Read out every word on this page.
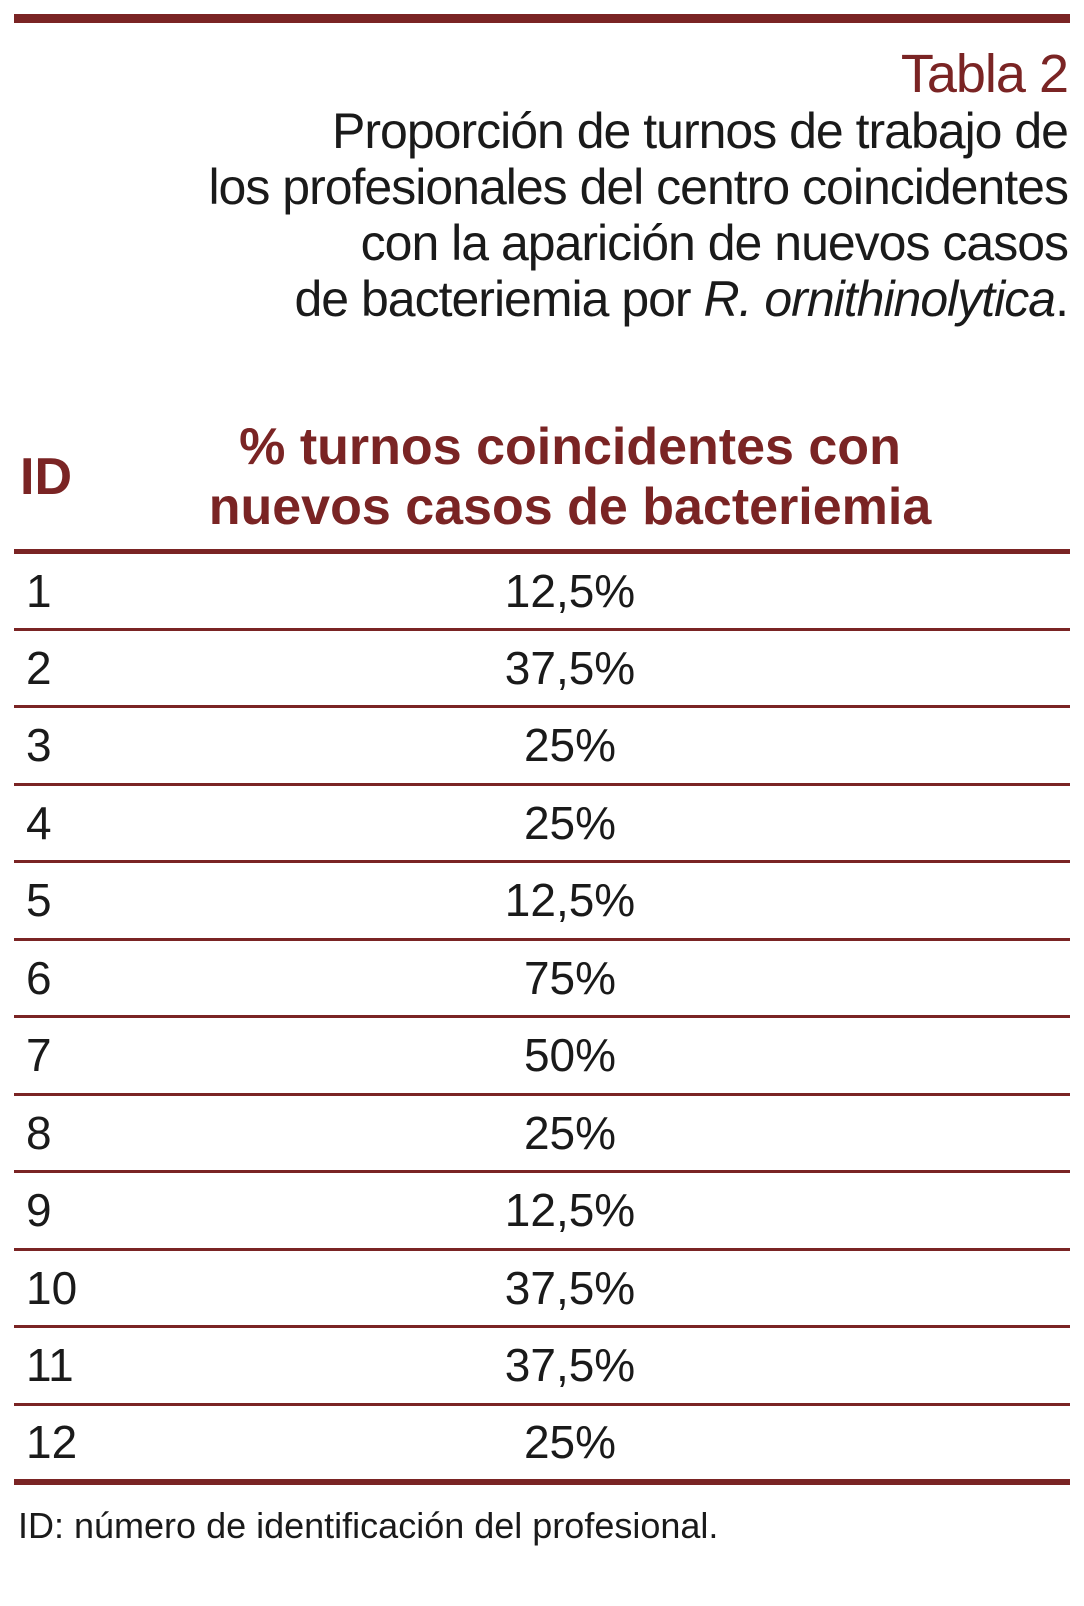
Tabla 2
Proporción de turnos de trabajo de
los profesionales del centro coincidentes
con la aparición de nuevos casos
de bacteriemia por R. ornithinolytica.
ID	% turnos coincidentes con
nuevos casos de bacteriemia

1	12,5%
2	37,5%
3	25%
4	25%
5	12,5%
6	75%
7	50%
8	25%
9	12,5%
10	37,5%
11	37,5%
12	25%
ID: número de identificación del profesional.
